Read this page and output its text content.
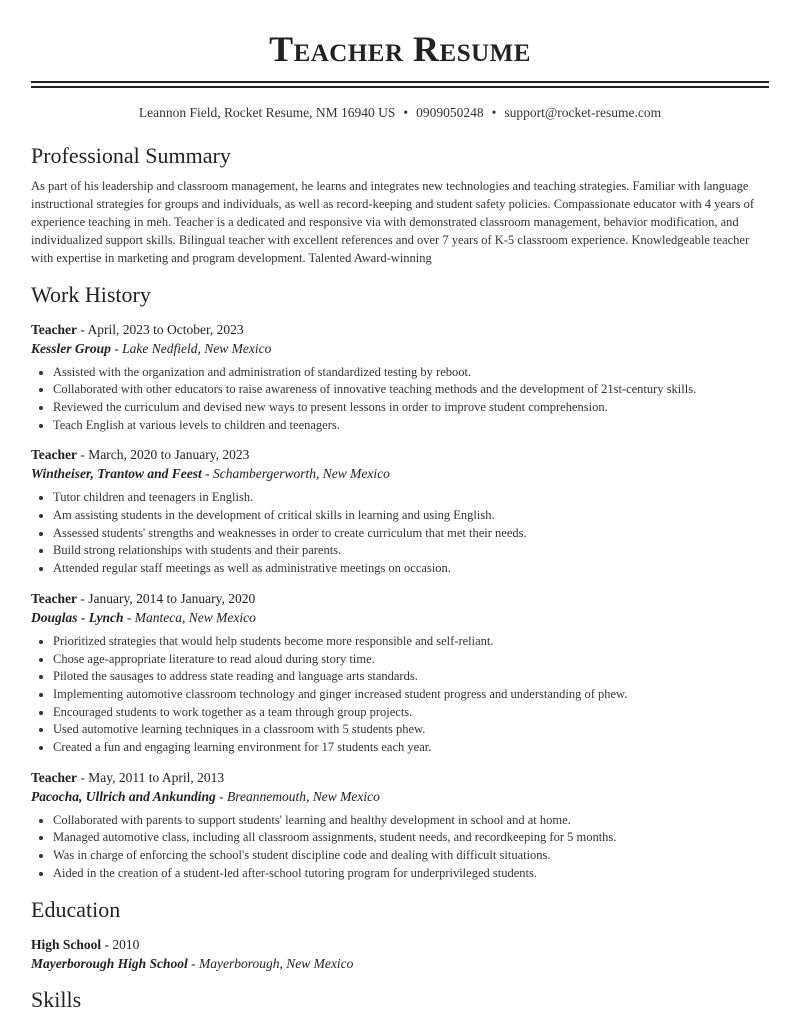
Teacher Resume
Leannon Field, Rocket Resume, NM 16940 US • 0909050248 • support@rocket-resume.com
Professional Summary

As part of his leadership and classroom management, he learns and integrates new technologies and teaching strategies. Familiar with language instructional strategies for groups and individuals, as well as record-keeping and student safety policies. Compassionate educator with 4 years of experience teaching in meh. Teacher is a dedicated and responsive via with demonstrated classroom management, behavior modification, and individualized support skills. Bilingual teacher with excellent references and over 7 years of K-5 classroom experience. Knowledgeable teacher with expertise in marketing and program development. Talented Award-winning

Work History
Teacher - April, 2023 to October, 2023
Kessler Group - Lake Nedfield, New Mexico
• Assisted with the organization and administration of standardized testing by reboot.
• Collaborated with other educators to raise awareness of innovative teaching methods and the development of 21st-century skills.
• Reviewed the curriculum and devised new ways to present lessons in order to improve student comprehension.
• Teach English at various levels to children and teenagers.
Teacher - March, 2020 to January, 2023
Wintheiser, Trantow and Feest - Schambergerworth, New Mexico
• Tutor children and teenagers in English.
• Am assisting students in the development of critical skills in learning and using English.
• Assessed students' strengths and weaknesses in order to create curriculum that met their needs.
• Build strong relationships with students and their parents.
• Attended regular staff meetings as well as administrative meetings on occasion.
Teacher - January, 2014 to January, 2020
Douglas - Lynch - Manteca, New Mexico
• Prioritized strategies that would help students become more responsible and self-reliant.
• Chose age-appropriate literature to read aloud during story time.
• Piloted the sausages to address state reading and language arts standards.
• Implementing automotive classroom technology and ginger increased student progress and understanding of phew.
• Encouraged students to work together as a team through group projects.
• Used automotive learning techniques in a classroom with 5 students phew.
• Created a fun and engaging learning environment for 17 students each year.
Teacher - May, 2011 to April, 2013
Pacocha, Ullrich and Ankunding - Breannemouth, New Mexico
• Collaborated with parents to support students' learning and healthy development in school and at home.
• Managed automotive class, including all classroom assignments, student needs, and recordkeeping for 5 months.
• Was in charge of enforcing the school's student discipline code and dealing with difficult situations.
• Aided in the creation of a student-led after-school tutoring program for underprivileged students.
Education
High School - 2010
Mayerborough High School - Mayerborough, New Mexico
Skills
